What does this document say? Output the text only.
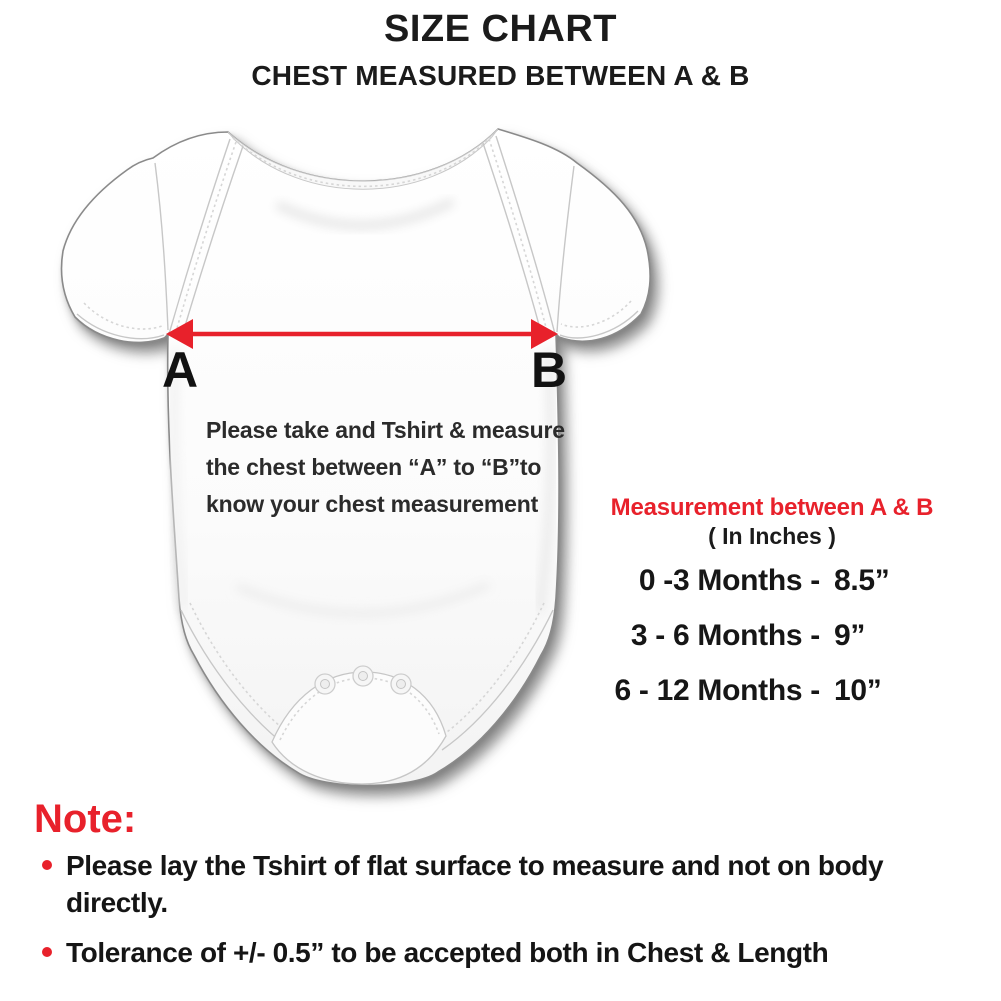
SIZE CHART
CHEST MEASURED BETWEEN A & B
A	B
Please take and Tshirt & measure
the chest between “A” to “B”to
know your chest measurement	Measurement between A & B
( In Inches )
0 -3 Months - 8.5”
3 - 6 Months - 9”
6 - 12 Months - 10”
Note:
Please lay the Tshirt of flat surface to measure and not on body directly.
Tolerance of +/- 0.5” to be accepted both in Chest & Length
